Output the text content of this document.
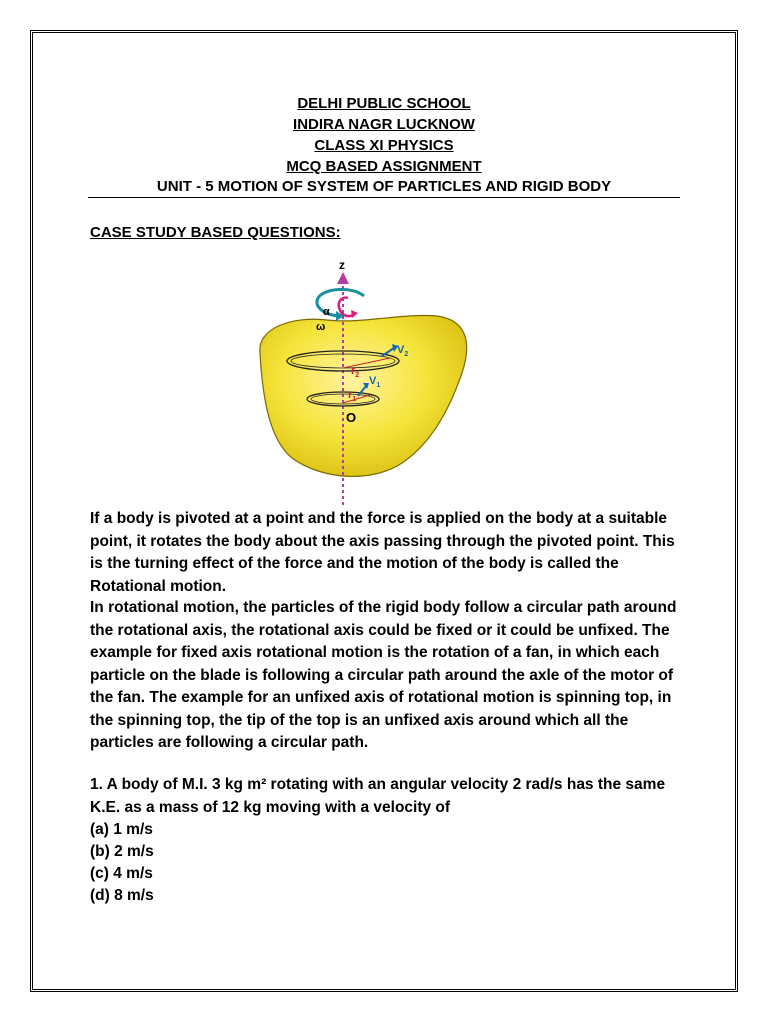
DELHI PUBLIC SCHOOL
INDIRA NAGR LUCKNOW
CLASS XI PHYSICS
MCQ BASED ASSIGNMENT
UNIT - 5 MOTION OF SYSTEM OF PARTICLES AND RIGID BODY
CASE STUDY BASED QUESTIONS:
z
ω
α
$V_2$
$V_1$
$r_2$
$r_1$
O
If a body is pivoted at a point and the force is applied on the body at a suitable point, it rotates the body about the axis passing through the pivoted point. This is the turning effect of the force and the motion of the body is called the Rotational motion.
In rotational motion, the particles of the rigid body follow a circular path around the rotational axis, the rotational axis could be fixed or it could be unfixed. The example for fixed axis rotational motion is the rotation of a fan, in which each particle on the blade is following a circular path around the axle of the motor of the fan. The example for an unfixed axis of rotational motion is spinning top, in the spinning top, the tip of the top is an unfixed axis around which all the particles are following a circular path.
1. A body of M.I. 3 kg m² rotating with an angular velocity 2 rad/s has the same K.E. as a mass of 12 kg moving with a velocity of
(a) 1 m/s
(b) 2 m/s
(c) 4 m/s
(d) 8 m/s
